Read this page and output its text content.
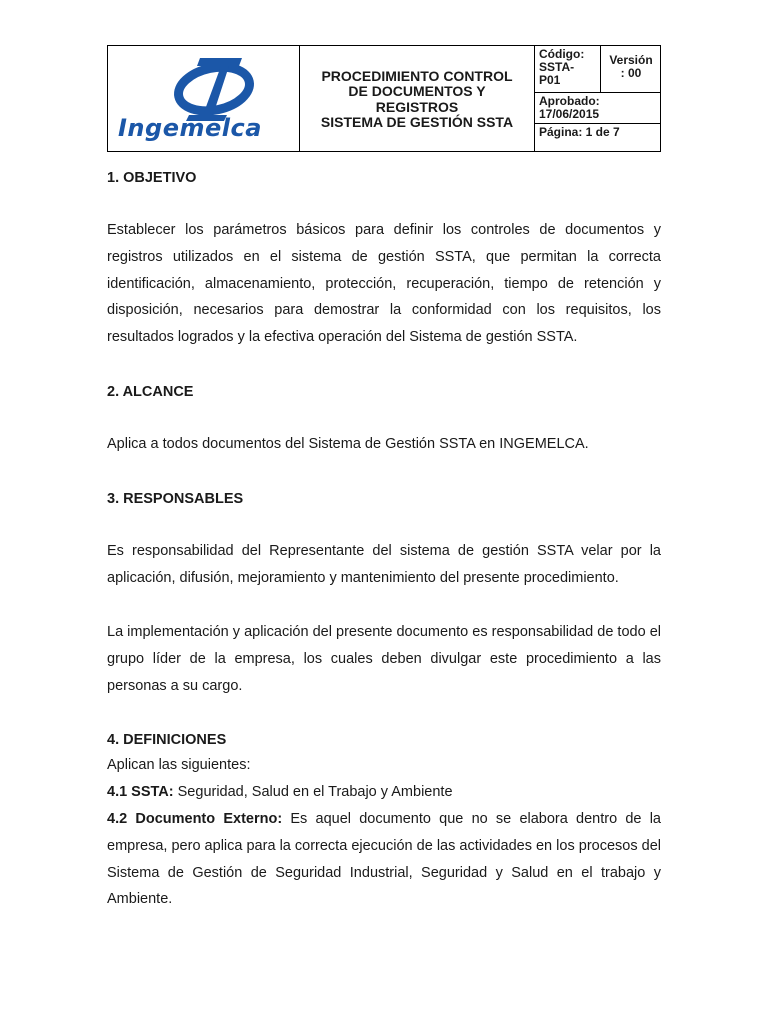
Ingemelca

PROCEDIMIENTO CONTROL
DE DOCUMENTOS Y
REGISTROS
SISTEMA DE GESTIÓN SSTA

Código:
SSTA-
P01

Versión
: 00

Aprobado:
17/06/2015

Página: 1 de 7
1. OBJETIVO

Establecer los parámetros básicos para definir los controles de documentos y registros utilizados en el sistema de gestión SSTA, que permitan la correcta identificación, almacenamiento, protección, recuperación, tiempo de retención y disposición, necesarios para demostrar la conformidad con los requisitos, los resultados logrados y la efectiva operación del Sistema de gestión SSTA.

2. ALCANCE

Aplica a todos documentos del Sistema de Gestión SSTA en INGEMELCA.

3. RESPONSABLES

Es responsabilidad del Representante del sistema de gestión SSTA velar por la aplicación, difusión, mejoramiento y mantenimiento del presente procedimiento.

La implementación y aplicación del presente documento es responsabilidad de todo el grupo líder de la empresa, los cuales deben divulgar este procedimiento a las personas a su cargo.

4. DEFINICIONES

Aplican las siguientes:

4.1 SSTA: Seguridad, Salud en el Trabajo y Ambiente

4.2 Documento Externo: Es aquel documento que no se elabora dentro de la empresa, pero aplica para la correcta ejecución de las actividades en los procesos del Sistema de Gestión de Seguridad Industrial, Seguridad y Salud en el trabajo y Ambiente.
